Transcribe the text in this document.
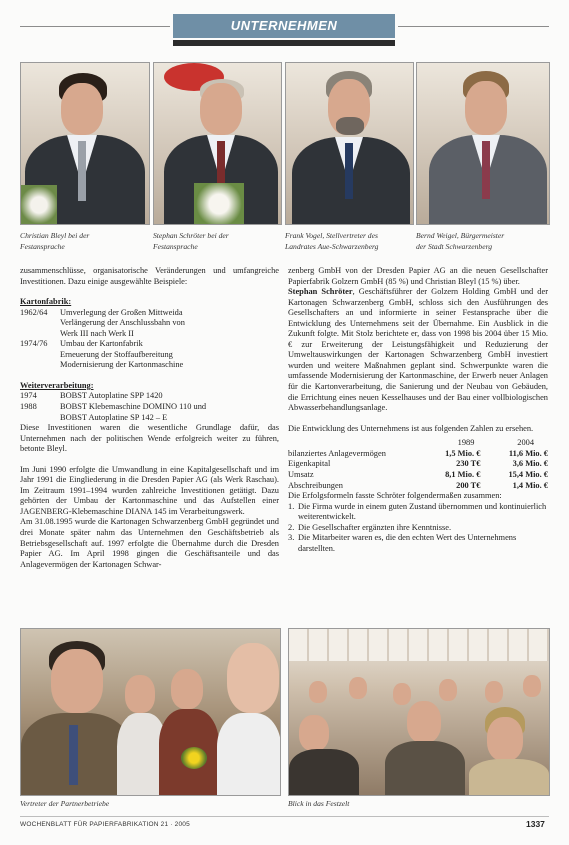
UNTERNEHMEN
Christian Bleyl bei der
Festansprache
Stephan Schröter bei der
Festansprache
Frank Vogel, Stellvertreter des
Landrates Aue-Schwarzenberg
Bernd Weigel, Bürgermeister
der Stadt Schwarzenberg

zusammenschlüsse, organisatorische Veränderungen und umfangreiche Investitionen. Dazu einige ausgewählte Beispiele:

Kartonfabrik:

1962/64	Umverlegung der Großen Mittweida
Verlängerung der Anschlussbahn von
Werk III nach Werk II
1974/76	Umbau der Kartonfabrik
Erneuerung der Stoffaufbereitung
Modernisierung der Kartonmaschine

Weiterverarbeitung:

1974	BOBST Autoplatine SPP 1420
1988	BOBST Klebemaschine DOMINO 110 und
BOBST Autoplatine SP 142 – E

Diese Investitionen waren die wesentliche Grundlage dafür, das Unternehmen nach der politischen Wende erfolgreich weiter zu führen, betonte Bleyl.

Im Juni 1990 erfolgte die Umwandlung in eine Kapitalgesellschaft und im Jahr 1991 die Eingliederung in die Dresden Papier AG (als Werk Raschau). Im Zeitraum 1991–1994 wurden zahlreiche Investitionen getätigt. Dazu gehörten der Umbau der Kartonmaschine und das Aufstellen einer JAGENBERG-Klebemaschine DIANA 145 im Verarbeitungswerk.

Am 31.08.1995 wurde die Kartonagen Schwarzenberg GmbH gegründet und drei Monate später nahm das Unternehmen den Geschäftsbetrieb als Betriebsgesellschaft auf. 1997 erfolgte die Übernahme durch die Dresden Papier AG. Im April 1998 gingen die Geschäftsanteile und das Anlagevermögen der Kartonagen Schwar-

zenberg GmbH von der Dresden Papier AG an die neuen Gesellschafter Papierfabrik Golzern GmbH (85 %) und Christian Bleyl (15 %) über.

Stephan Schröter, Geschäftsführer der Golzern Holding GmbH und der Kartonagen Schwarzenberg GmbH, schloss sich den Ausführungen des Gesellschafters an und informierte in seiner Festansprache über die Entwicklung des Unternehmens seit der Übernahme. Ein Ausblick in die Zukunft folgte. Mit Stolz berichtete er, dass von 1998 bis 2004 über 15 Mio. € zur Erweiterung der Leistungsfähigkeit und Reduzierung der Umweltauswirkungen der Kartonagen Schwarzenberg GmbH investiert wurden und weitere Maßnahmen geplant sind. Schwerpunkte waren die umfassende Modernisierung der Kartonmaschine, der Erwerb neuer Anlagen für die Kartonverarbeitung, die Sanierung und der Neubau von Gebäuden, die Errichtung eines neuen Kesselhauses und der Bau einer vollbiologischen Abwasserbehandlungsanlage.

Die Entwicklung des Unternehmens ist aus folgenden Zahlen zu ersehen.

	1989	2004
bilanziertes Anlagevermögen	1,5 Mio. €	11,6 Mio. €
Eigenkapital	230 T€	3,6 Mio. €
Umsatz	8,1 Mio. €	15,4 Mio. €
Abschreibungen	200 T€	1,4 Mio. €

Die Erfolgsformeln fasste Schröter folgendermaßen zusammen:

1. Die Firma wurde in einem guten Zustand übernommen und kontinuierlich weiterentwickelt.
2. Die Gesellschafter ergänzten ihre Kenntnisse.
3. Die Mitarbeiter waren es, die den echten Wert des Unternehmens darstellten.
Vertreter der Partnerbetriebe	Blick in das Festzelt
WOCHENBLATT FÜR PAPIERFABRIKATION 21 · 2005	1337
